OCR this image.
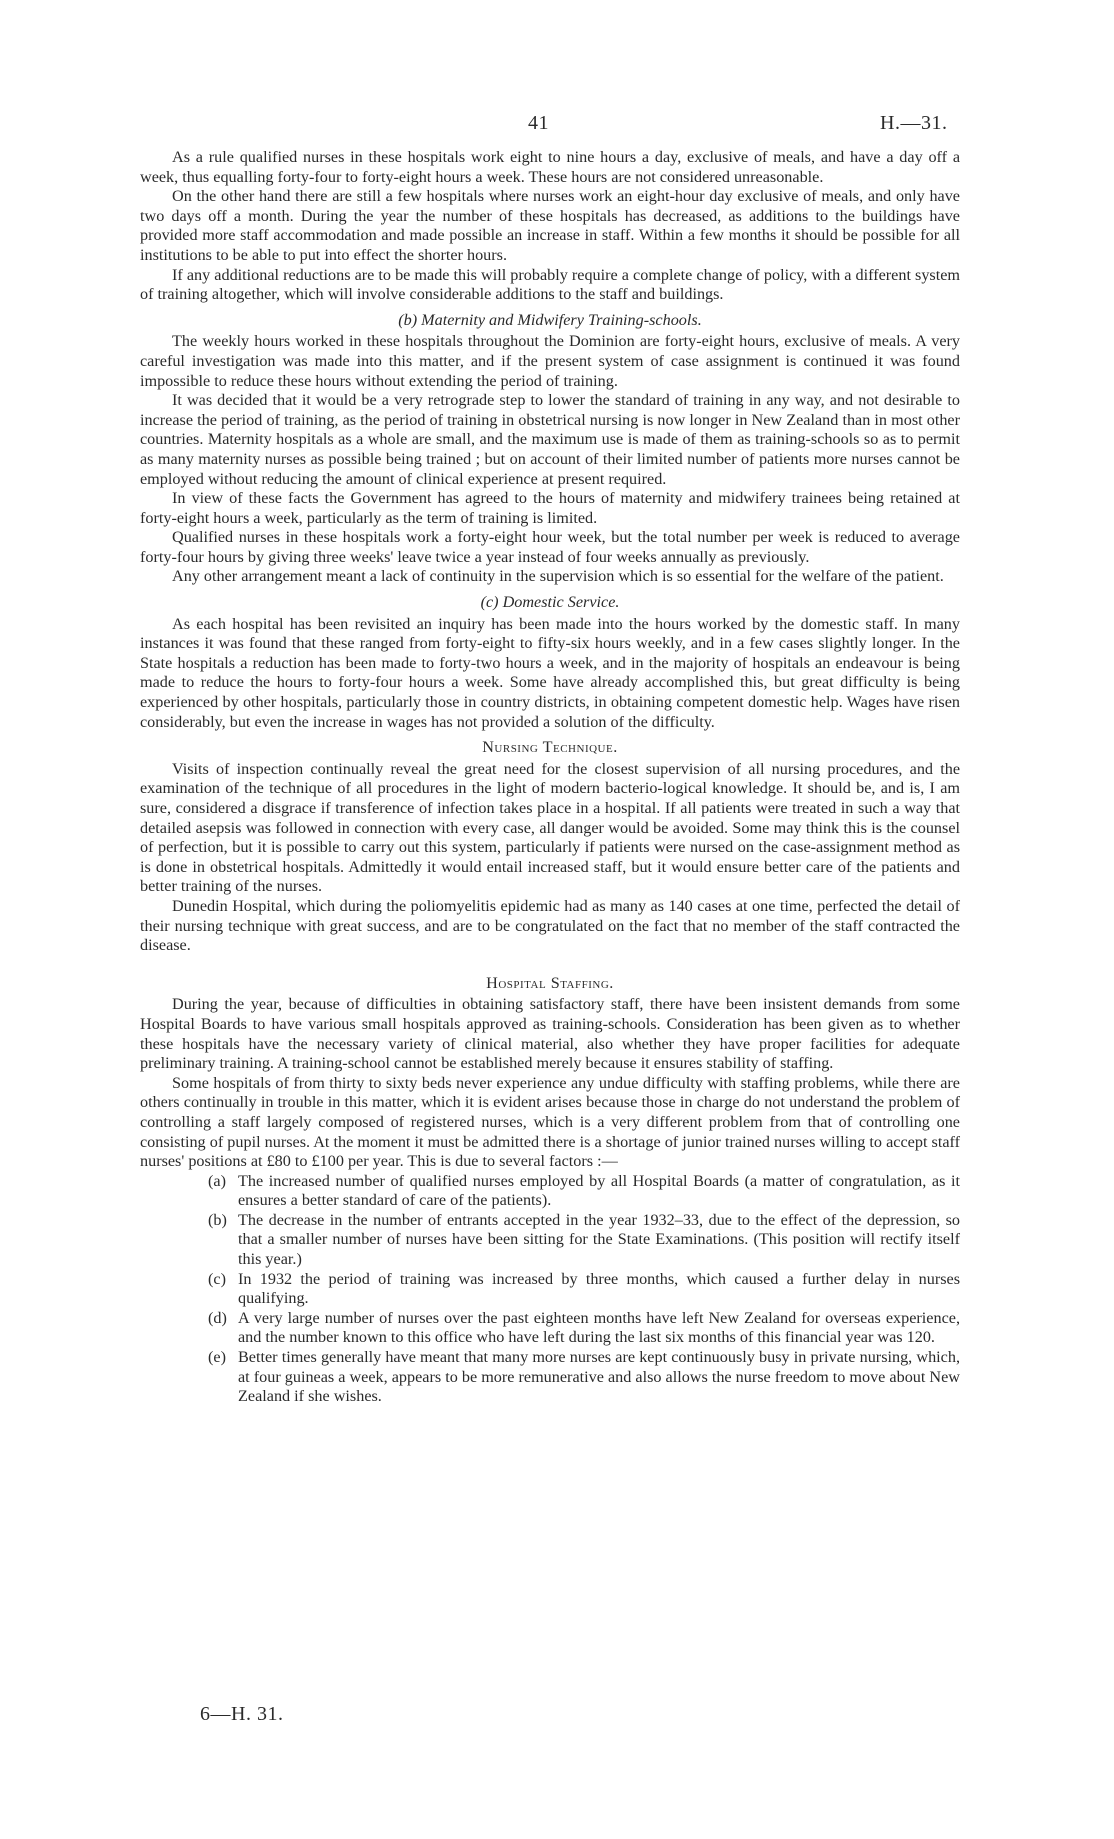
41	H.—31.

As a rule qualified nurses in these hospitals work eight to nine hours a day, exclusive of meals, and have a day off a week, thus equalling forty-four to forty-eight hours a week. These hours are not considered unreasonable.

On the other hand there are still a few hospitals where nurses work an eight-hour day exclusive of meals, and only have two days off a month. During the year the number of these hospitals has decreased, as additions to the buildings have provided more staff accommodation and made possible an increase in staff. Within a few months it should be possible for all institutions to be able to put into effect the shorter hours.

If any additional reductions are to be made this will probably require a complete change of policy, with a different system of training altogether, which will involve considerable additions to the staff and buildings.

(b) Maternity and Midwifery Training-schools.

The weekly hours worked in these hospitals throughout the Dominion are forty-eight hours, exclusive of meals. A very careful investigation was made into this matter, and if the present system of case assignment is continued it was found impossible to reduce these hours without extending the period of training.

It was decided that it would be a very retrograde step to lower the standard of training in any way, and not desirable to increase the period of training, as the period of training in obstetrical nursing is now longer in New Zealand than in most other countries. Maternity hospitals as a whole are small, and the maximum use is made of them as training-schools so as to permit as many maternity nurses as possible being trained ; but on account of their limited number of patients more nurses cannot be employed without reducing the amount of clinical experience at present required.

In view of these facts the Government has agreed to the hours of maternity and midwifery trainees being retained at forty-eight hours a week, particularly as the term of training is limited.

Qualified nurses in these hospitals work a forty-eight hour week, but the total number per week is reduced to average forty-four hours by giving three weeks' leave twice a year instead of four weeks annually as previously.

Any other arrangement meant a lack of continuity in the supervision which is so essential for the welfare of the patient.

(c) Domestic Service.

As each hospital has been revisited an inquiry has been made into the hours worked by the domestic staff. In many instances it was found that these ranged from forty-eight to fifty-six hours weekly, and in a few cases slightly longer. In the State hospitals a reduction has been made to forty-two hours a week, and in the majority of hospitals an endeavour is being made to reduce the hours to forty-four hours a week. Some have already accomplished this, but great difficulty is being experienced by other hospitals, particularly those in country districts, in obtaining competent domestic help. Wages have risen considerably, but even the increase in wages has not provided a solution of the difficulty.

Nursing Technique.

Visits of inspection continually reveal the great need for the closest supervision of all nursing procedures, and the examination of the technique of all procedures in the light of modern bacterio-logical knowledge. It should be, and is, I am sure, considered a disgrace if transference of infection takes place in a hospital. If all patients were treated in such a way that detailed asepsis was followed in connection with every case, all danger would be avoided. Some may think this is the counsel of perfection, but it is possible to carry out this system, particularly if patients were nursed on the case-assignment method as is done in obstetrical hospitals. Admittedly it would entail increased staff, but it would ensure better care of the patients and better training of the nurses.

Dunedin Hospital, which during the poliomyelitis epidemic had as many as 140 cases at one time, perfected the detail of their nursing technique with great success, and are to be congratulated on the fact that no member of the staff contracted the disease.

Hospital Staffing.

During the year, because of difficulties in obtaining satisfactory staff, there have been insistent demands from some Hospital Boards to have various small hospitals approved as training-schools. Consideration has been given as to whether these hospitals have the necessary variety of clinical material, also whether they have proper facilities for adequate preliminary training. A training-school cannot be established merely because it ensures stability of staffing.

Some hospitals of from thirty to sixty beds never experience any undue difficulty with staffing problems, while there are others continually in trouble in this matter, which it is evident arises because those in charge do not understand the problem of controlling a staff largely composed of registered nurses, which is a very different problem from that of controlling one consisting of pupil nurses. At the moment it must be admitted there is a shortage of junior trained nurses willing to accept staff nurses' positions at £80 to £100 per year. This is due to several factors :—

(a) The increased number of qualified nurses employed by all Hospital Boards (a matter of congratulation, as it ensures a better standard of care of the patients).
(b) The decrease in the number of entrants accepted in the year 1932–33, due to the effect of the depression, so that a smaller number of nurses have been sitting for the State Examinations. (This position will rectify itself this year.)
(c) In 1932 the period of training was increased by three months, which caused a further delay in nurses qualifying.
(d) A very large number of nurses over the past eighteen months have left New Zealand for overseas experience, and the number known to this office who have left during the last six months of this financial year was 120.
(e) Better times generally have meant that many more nurses are kept continuously busy in private nursing, which, at four guineas a week, appears to be more remunerative and also allows the nurse freedom to move about New Zealand if she wishes.
6—H. 31.
